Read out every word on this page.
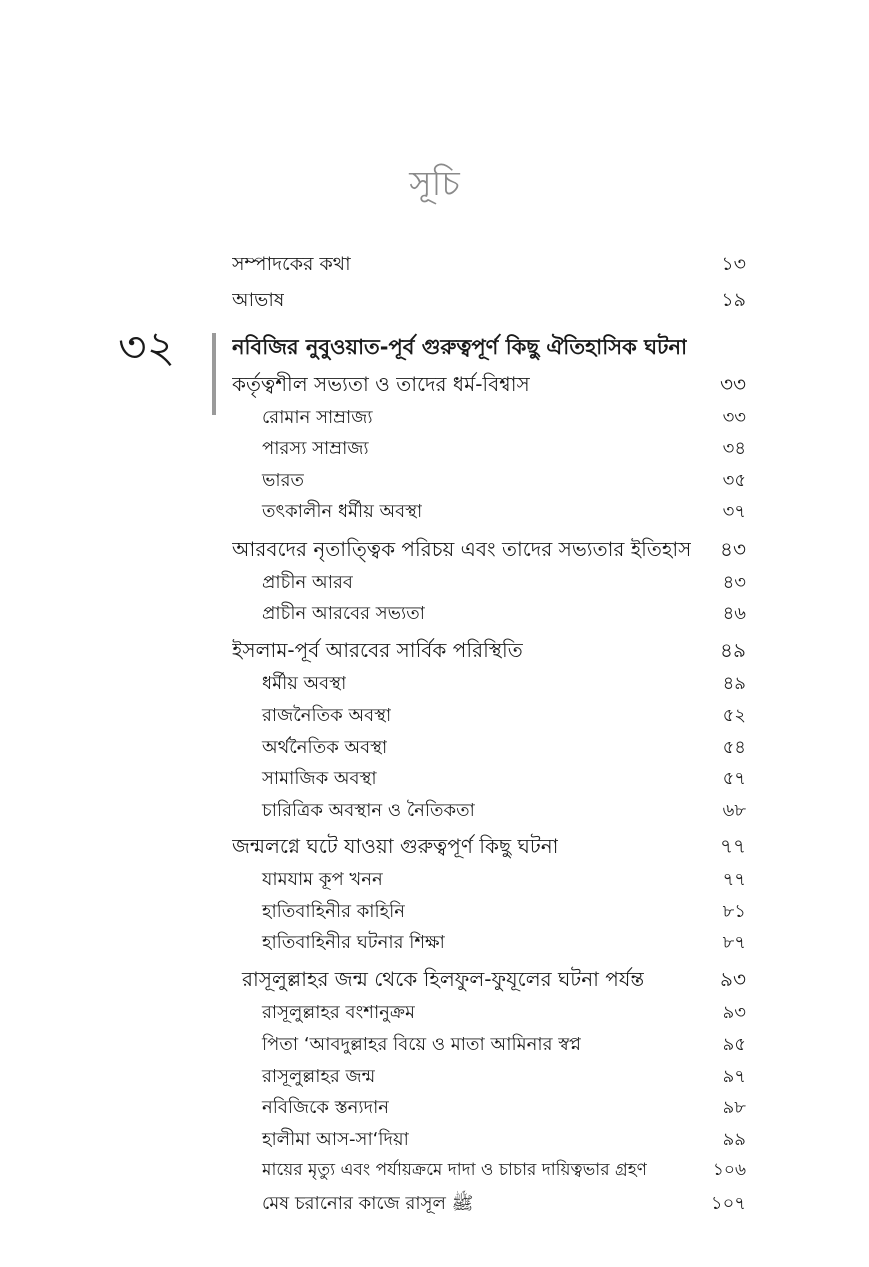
সূচি
৩২
সম্পাদকের কথা	১৩
আভাষ	১৯
নবিজির নুবুওয়াত-পূর্ব গুরুত্বপূর্ণ কিছু ঐতিহাসিক ঘটনা
কর্তৃত্বশীল সভ্যতা ও তাদের ধর্ম-বিশ্বাস	৩৩
রোমান সাম্রাজ্য	৩৩
পারস্য সাম্রাজ্য	৩৪
ভারত	৩৫
তৎকালীন ধর্মীয় অবস্থা	৩৭
আরবদের নৃতাত্ত্বিক পরিচয় এবং তাদের সভ্যতার ইতিহাস	৪৩
প্রাচীন আরব	৪৩
প্রাচীন আরবের সভ্যতা	৪৬
ইসলাম-পূর্ব আরবের সার্বিক পরিস্থিতি	৪৯
ধর্মীয় অবস্থা	৪৯
রাজনৈতিক অবস্থা	৫২
অর্থনৈতিক অবস্থা	৫৪
সামাজিক অবস্থা	৫৭
চারিত্রিক অবস্থান ও নৈতিকতা	৬৮
জন্মলগ্নে ঘটে যাওয়া গুরুত্বপূর্ণ কিছু ঘটনা	৭৭
যামযাম কূপ খনন	৭৭
হাতিবাহিনীর কাহিনি	৮১
হাতিবাহিনীর ঘটনার শিক্ষা	৮৭
রাসূলুল্লাহর জন্ম থেকে হিলফুল-ফুযূলের ঘটনা পর্যন্ত	৯৩
রাসূলুল্লাহর বংশানুক্রম	৯৩
পিতা ‘আবদুল্লাহর বিয়ে ও মাতা আমিনার স্বপ্ন	৯৫
রাসূলুল্লাহর জন্ম	৯৭
নবিজিকে স্তন্যদান	৯৮
হালীমা আস-সা‘দিয়া	৯৯
মায়ের মৃত্যু এবং পর্যায়ক্রমে দাদা ও চাচার দায়িত্বভার গ্রহণ	১০৬
মেষ চরানোর কাজে রাসূল ﷺ	১০৭
